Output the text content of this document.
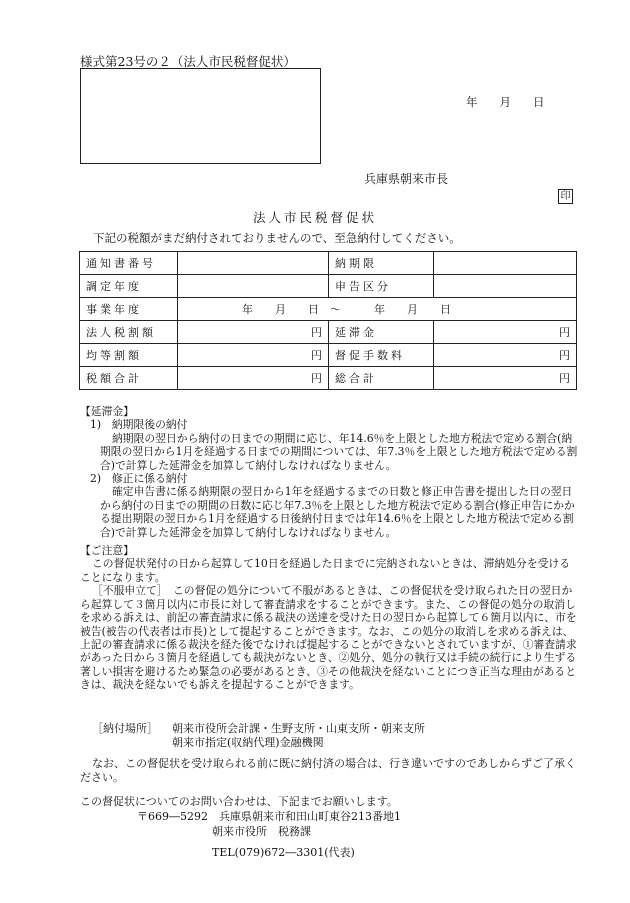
様式第23号の２（法人市民税督促状）
年 月 日
兵庫県朝来市長
印
法人市民税督促状
下記の税額がまだ納付されておりませんので、至急納付してください。
通知書番号		納期限	
調定年度		申告区分	
事業年度	年　　月　　日　～　　　年　　月　　日		
法人税割額	円	延滞金	円
均等割額	円	督促手数料	円
税額合計	円	総合計	円

【延滞金】

1)　納期限後の納付

納期限の翌日から納付の日までの期間に応じ、年14.6％を上限とした地方税法で定める割合(納期限の翌日から1月を経過する日までの期間については、年7.3％を上限とした地方税法で定める割合)で計算した延滞金を加算して納付しなければなりません。

2)　修正に係る納付

確定申告書に係る納期限の翌日から1年を経過するまでの日数と修正申告書を提出した日の翌日から納付の日までの期間の日数に応じ年7.3％を上限とした地方税法で定める割合(修正申告にかかる提出期限の翌日から1月を経過する日後納付日までは年14.6％を上限とした地方税法で定める割合)で計算した延滞金を加算して納付しなければなりません。

【ご注意】

この督促状発付の日から起算して10日を経過した日までに完納されないときは、滞納処分を受けることになります。

［不服申立て］　この督促の処分について不服があるときは、この督促状を受け取られた日の翌日から起算して３箇月以内に市長に対して審査請求をすることができます。また、この督促の処分の取消しを求める訴えは、前記の審査請求に係る裁決の送達を受けた日の翌日から起算して６箇月以内に、市を被告(被告の代表者は市長)として提起することができます。なお、この処分の取消しを求める訴えは、上記の審査請求に係る裁決を経た後でなければ提起することができないとされていますが、①審査請求があった日から３箇月を経過しても裁決がないとき、②処分、処分の執行又は手続の続行により生ずる著しい損害を避けるため緊急の必要があるとき、③その他裁決を経ないことにつき正当な理由があるときは、裁決を経ないでも訴えを提起することができます。

［納付場所］	朝来市役所会計課・生野支所・山東支所・朝来支所
朝来市指定(収納代理)金融機関
なお、この督促状を受け取られる前に既に納付済の場合は、行き違いですのであしからずご了承ください。
この督促状についてのお問い合わせは、下記までお願いします。
〒669―5292　兵庫県朝来市和田山町東谷213番地1
朝来市役所　税務課
TEL(079)672―3301(代表)
